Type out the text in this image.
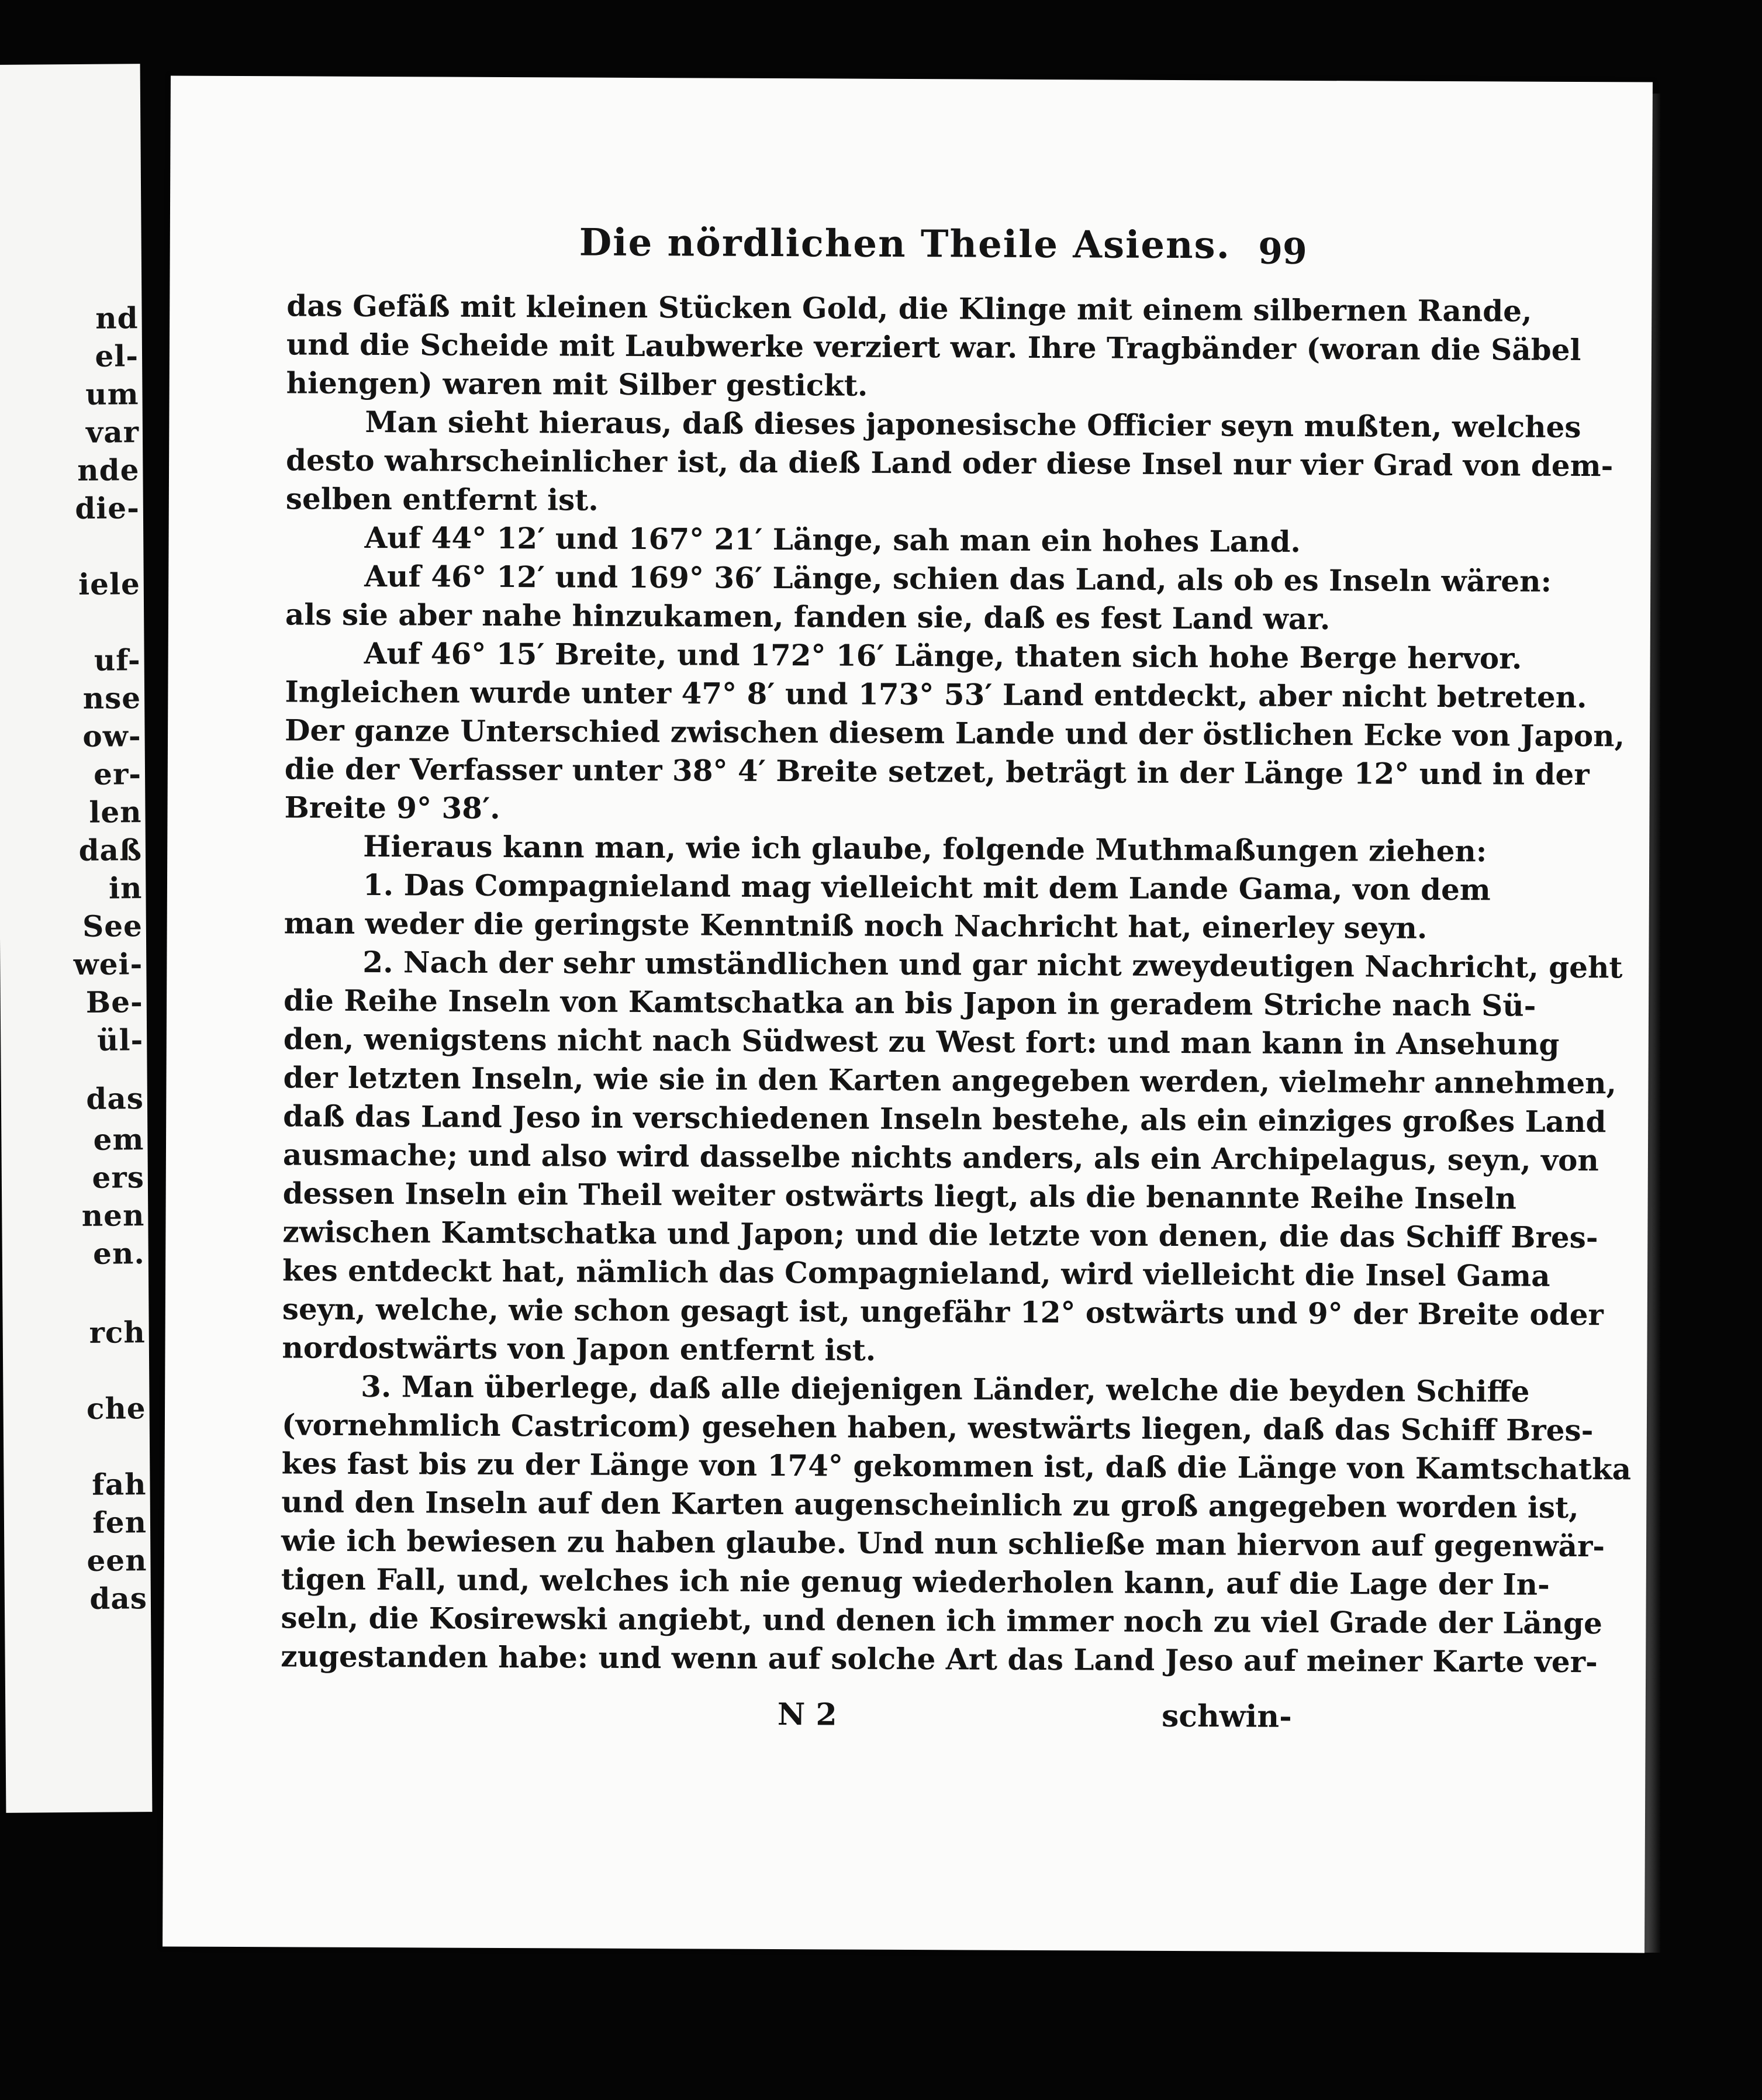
nd
el-
um
var
nde
die-
iele
uf-
nse
ow-
er-
len
daß
in
See
wei-
Be-
ül-
das
em
ers
nen
en.
rch
che
fah
fen
een
das
Die nördlichen Theile Asiens. 99
das Gefäß mit kleinen Stücken Gold, die Klinge mit einem silbernen Rande,
und die Scheide mit Laubwerke verziert war. Ihre Tragbänder (woran die Säbel
hiengen) waren mit Silber gestickt.
Man sieht hieraus, daß dieses japonesische Officier seyn mußten, welches
desto wahrscheinlicher ist, da dieß Land oder diese Insel nur vier Grad von dem-
selben entfernt ist.
Auf 44° 12′ und 167° 21′ Länge, sah man ein hohes Land.
Auf 46° 12′ und 169° 36′ Länge, schien das Land, als ob es Inseln wären:
als sie aber nahe hinzukamen, fanden sie, daß es fest Land war.
Auf 46° 15′ Breite, und 172° 16′ Länge, thaten sich hohe Berge hervor.
Ingleichen wurde unter 47° 8′ und 173° 53′ Land entdeckt, aber nicht betreten.
Der ganze Unterschied zwischen diesem Lande und der östlichen Ecke von Japon,
die der Verfasser unter 38° 4′ Breite setzet, beträgt in der Länge 12° und in der
Breite 9° 38′.
Hieraus kann man, wie ich glaube, folgende Muthmaßungen ziehen:
1. Das Compagnieland mag vielleicht mit dem Lande Gama, von dem
man weder die geringste Kenntniß noch Nachricht hat, einerley seyn.
2. Nach der sehr umständlichen und gar nicht zweydeutigen Nachricht, geht
die Reihe Inseln von Kamtschatka an bis Japon in geradem Striche nach Sü-
den, wenigstens nicht nach Südwest zu West fort: und man kann in Ansehung
der letzten Inseln, wie sie in den Karten angegeben werden, vielmehr annehmen,
daß das Land Jeso in verschiedenen Inseln bestehe, als ein einziges großes Land
ausmache; und also wird dasselbe nichts anders, als ein Archipelagus, seyn, von
dessen Inseln ein Theil weiter ostwärts liegt, als die benannte Reihe Inseln
zwischen Kamtschatka und Japon; und die letzte von denen, die das Schiff Bres-
kes entdeckt hat, nämlich das Compagnieland, wird vielleicht die Insel Gama
seyn, welche, wie schon gesagt ist, ungefähr 12° ostwärts und 9° der Breite oder
nordostwärts von Japon entfernt ist.
3. Man überlege, daß alle diejenigen Länder, welche die beyden Schiffe
(vornehmlich Castricom) gesehen haben, westwärts liegen, daß das Schiff Bres-
kes fast bis zu der Länge von 174° gekommen ist, daß die Länge von Kamtschatka
und den Inseln auf den Karten augenscheinlich zu groß angegeben worden ist,
wie ich bewiesen zu haben glaube. Und nun schließe man hiervon auf gegenwär-
tigen Fall, und, welches ich nie genug wiederholen kann, auf die Lage der In-
seln, die Kosirewski angiebt, und denen ich immer noch zu viel Grade der Länge
zugestanden habe: und wenn auf solche Art das Land Jeso auf meiner Karte ver-
N 2	schwin-
